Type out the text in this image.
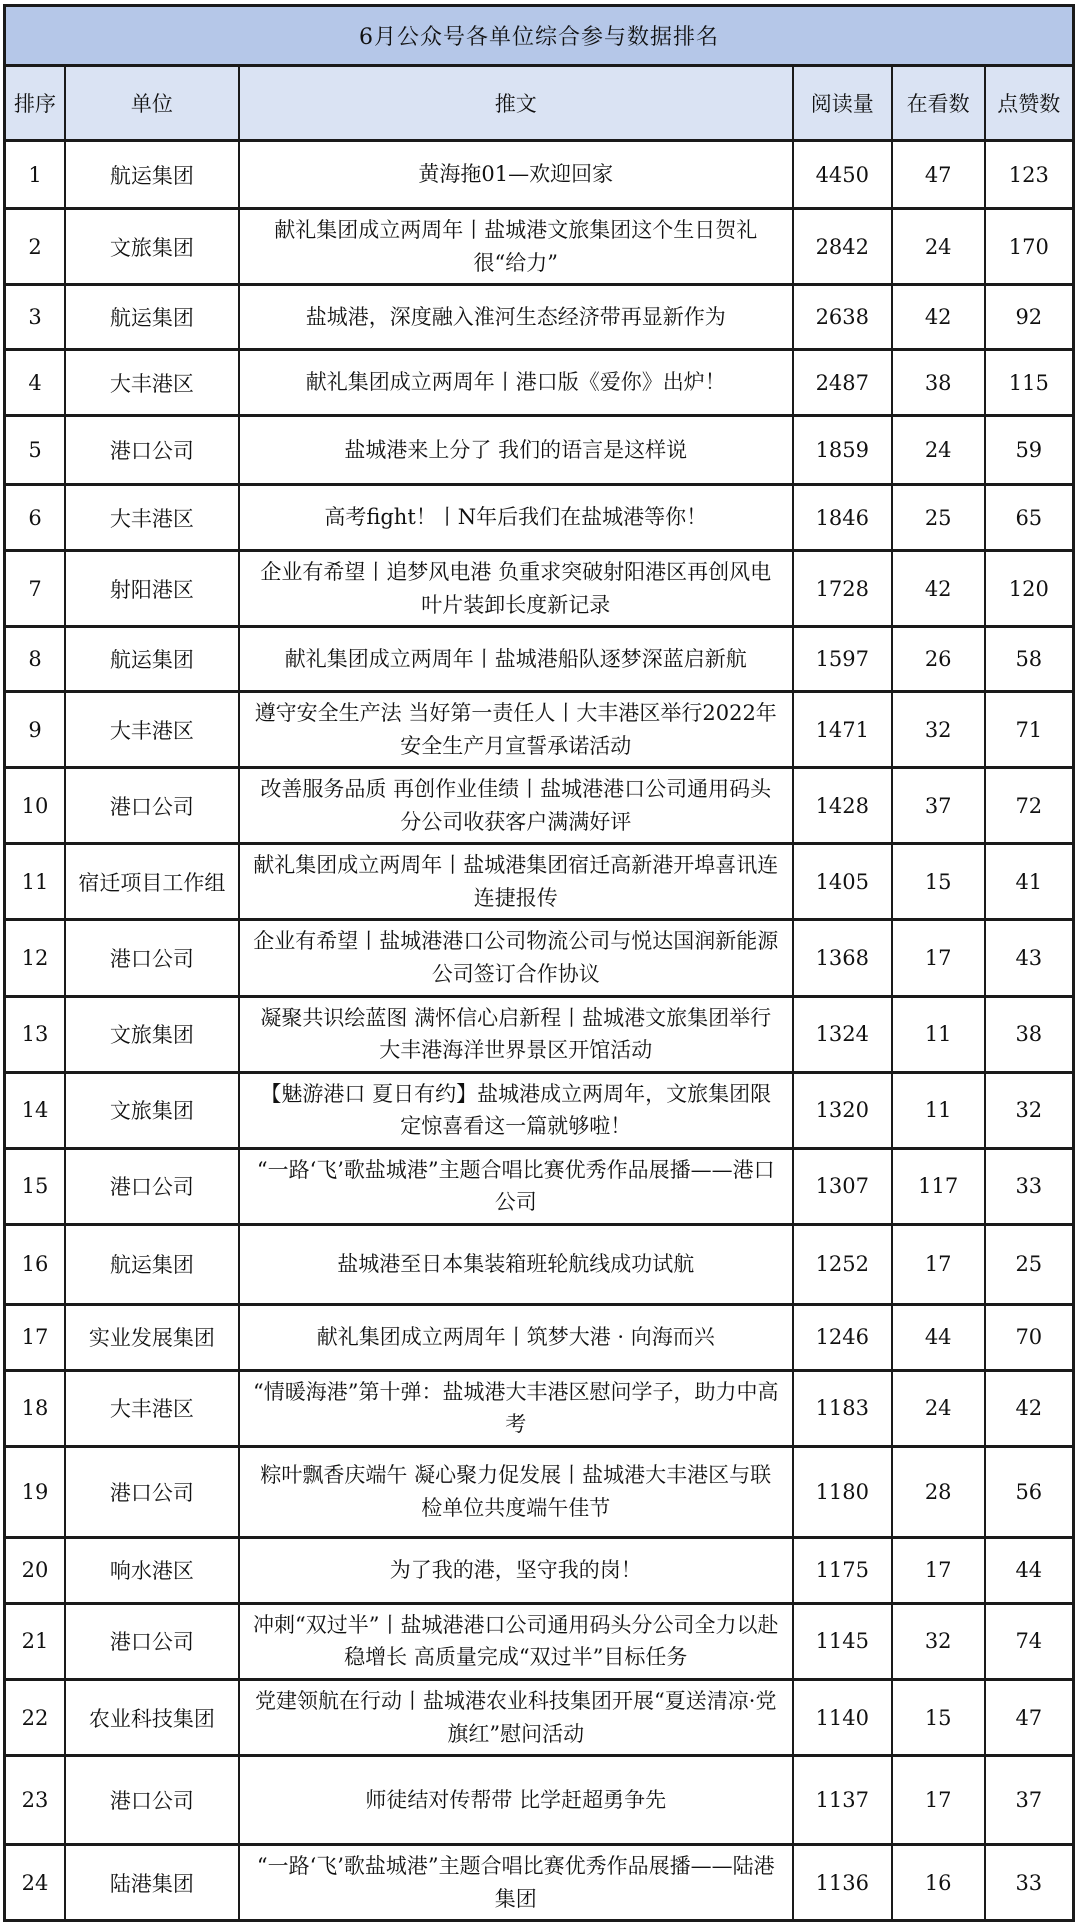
6月公众号各单位综合参与数据排名					
排序	单位	推文	阅读量	在看数	点赞数
1	航运集团	黄海拖01—欢迎回家	4450	47	123
2	文旅集团	献礼集团成立两周年丨盐城港文旅集团这个生日贺礼很“给力”	2842	24	170
3	航运集团	盐城港，深度融入淮河生态经济带再显新作为	2638	42	92
4	大丰港区	献礼集团成立两周年丨港口版《爱你》出炉！	2487	38	115
5	港口公司	盐城港来上分了 我们的语言是这样说	1859	24	59
6	大丰港区	高考fight！丨N年后我们在盐城港等你！	1846	25	65
7	射阳港区	企业有希望丨追梦风电港 负重求突破射阳港区再创风电叶片装卸长度新记录	1728	42	120
8	航运集团	献礼集团成立两周年丨盐城港船队逐梦深蓝启新航	1597	26	58
9	大丰港区	遵守安全生产法 当好第一责任人丨大丰港区举行2022年安全生产月宣誓承诺活动	1471	32	71
10	港口公司	改善服务品质 再创作业佳绩丨盐城港港口公司通用码头分公司收获客户满满好评	1428	37	72
11	宿迁项目工作组	献礼集团成立两周年丨盐城港集团宿迁高新港开埠喜讯连连捷报传	1405	15	41
12	港口公司	企业有希望丨盐城港港口公司物流公司与悦达国润新能源公司签订合作协议	1368	17	43
13	文旅集团	凝聚共识绘蓝图 满怀信心启新程丨盐城港文旅集团举行大丰港海洋世界景区开馆活动	1324	11	38
14	文旅集团	【魅游港口 夏日有约】盐城港成立两周年，文旅集团限定惊喜看这一篇就够啦！	1320	11	32
15	港口公司	“一路‘飞’歌盐城港”主题合唱比赛优秀作品展播——港口公司	1307	117	33
16	航运集团	盐城港至日本集装箱班轮航线成功试航	1252	17	25
17	实业发展集团	献礼集团成立两周年丨筑梦大港 · 向海而兴	1246	44	70
18	大丰港区	“情暖海港”第十弹：盐城港大丰港区慰问学子，助力中高考	1183	24	42
19	港口公司	粽叶飘香庆端午 凝心聚力促发展丨盐城港大丰港区与联检单位共度端午佳节	1180	28	56
20	响水港区	为了我的港，坚守我的岗！	1175	17	44
21	港口公司	冲刺“双过半”丨盐城港港口公司通用码头分公司全力以赴稳增长 高质量完成“双过半”目标任务	1145	32	74
22	农业科技集团	党建领航在行动丨盐城港农业科技集团开展“夏送清凉·党旗红”慰问活动	1140	15	47
23	港口公司	师徒结对传帮带 比学赶超勇争先	1137	17	37
24	陆港集团	“一路‘飞’歌盐城港”主题合唱比赛优秀作品展播——陆港集团	1136	16	33
